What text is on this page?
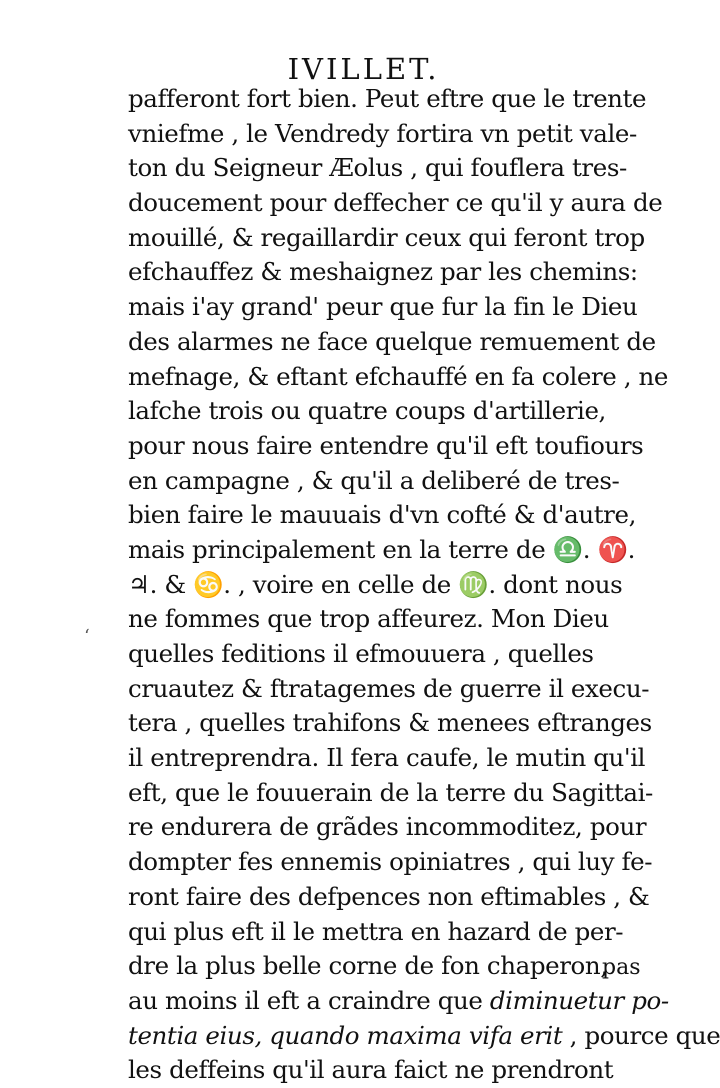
IVILLET.
pafferont fort bien. Peut eftre que le trente
vniefme , le Vendredy fortira vn petit vale-
ton du Seigneur Æolus , qui fouflera tres-
doucement pour deffecher ce qu'il y aura de
mouillé, & regaillardir ceux qui feront trop
efchauffez & meshaignez par les chemins:
mais i'ay grand' peur que fur la fin le Dieu
des alarmes ne face quelque remuement de
mefnage, & eftant efchauffé en fa colere , ne
lafche trois ou quatre coups d'artillerie,
pour nous faire entendre qu'il eft toufiours
en campagne , & qu'il a deliberé de tres-
bien faire le mauuais d'vn cofté & d'autre,
mais principalement en la terre de ♎. ♈.
♃. & ♋. , voire en celle de ♍. dont nous
ne fommes que trop affeurez. Mon Dieu
quelles feditions il efmouuera , quelles
cruautez & ftratagemes de guerre il execu-
tera , quelles trahifons & menees eftranges
il entreprendra. Il fera caufe, le mutin qu'il
eft, que le fouuerain de la terre du Sagittai-
re endurera de grãdes incommoditez, pour
dompter fes ennemis opiniatres , qui luy fe-
ront faire des defpences non eftimables , &
qui plus eft il le mettra en hazard de per-
dre la plus belle corne de fon chaperon,
au moins il eft a craindre que diminuetur po-
tentia eius, quando maxima vifa erit , pource que
les deffeins qu'il aura faict ne prendront
‘
pas
